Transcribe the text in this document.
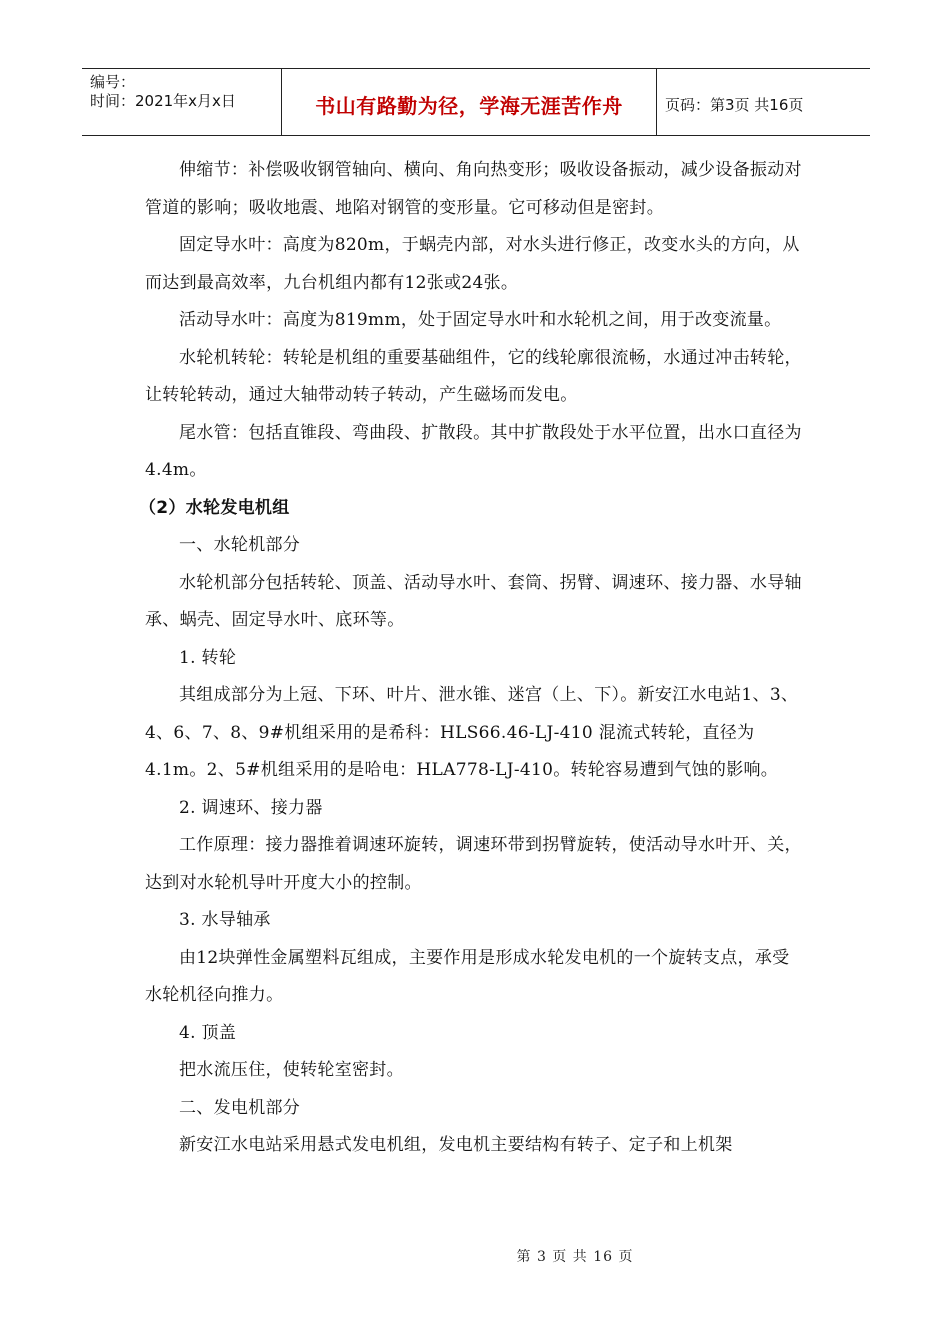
编号：
时间：2021年x月x日	书山有路勤为径，学海无涯苦作舟	页码：第3页 共16页

伸缩节：补偿吸收钢管轴向、横向、角向热变形；吸收设备振动，减少设备振动对管道的影响；吸收地震、地陷对钢管的变形量。它可移动但是密封。

固定导水叶：高度为820m，于蜗壳内部，对水头进行修正，改变水头的方向，从而达到最高效率，九台机组内都有12张或24张。

活动导水叶：高度为819mm，处于固定导水叶和水轮机之间，用于改变流量。

水轮机转轮：转轮是机组的重要基础组件，它的线轮廓很流畅，水通过冲击转轮，让转轮转动，通过大轴带动转子转动，产生磁场而发电。

尾水管：包括直锥段、弯曲段、扩散段。其中扩散段处于水平位置，出水口直径为4.4m。

（2）水轮发电机组

一、水轮机部分

水轮机部分包括转轮、顶盖、活动导水叶、套筒、拐臂、调速环、接力器、水导轴承、蜗壳、固定导水叶、底环等。

1. 转轮

其组成部分为上冠、下环、叶片、泄水锥、迷宫（上、下）。新安江水电站1、3、4、6、7、8、9#机组采用的是希科：HLS66.46-LJ-410 混流式转轮，直径为4.1m。2、5#机组采用的是哈电：HLA778-LJ-410。转轮容易遭到气蚀的影响。

2. 调速环、接力器

工作原理：接力器推着调速环旋转，调速环带到拐臂旋转，使活动导水叶开、关，达到对水轮机导叶开度大小的控制。

3. 水导轴承

由12块弹性金属塑料瓦组成，主要作用是形成水轮发电机的一个旋转支点，承受水轮机径向推力。

4. 顶盖

把水流压住，使转轮室密封。

二、发电机部分

新安江水电站采用悬式发电机组，发电机主要结构有转子、定子和上机架

第 3 页 共 16 页
